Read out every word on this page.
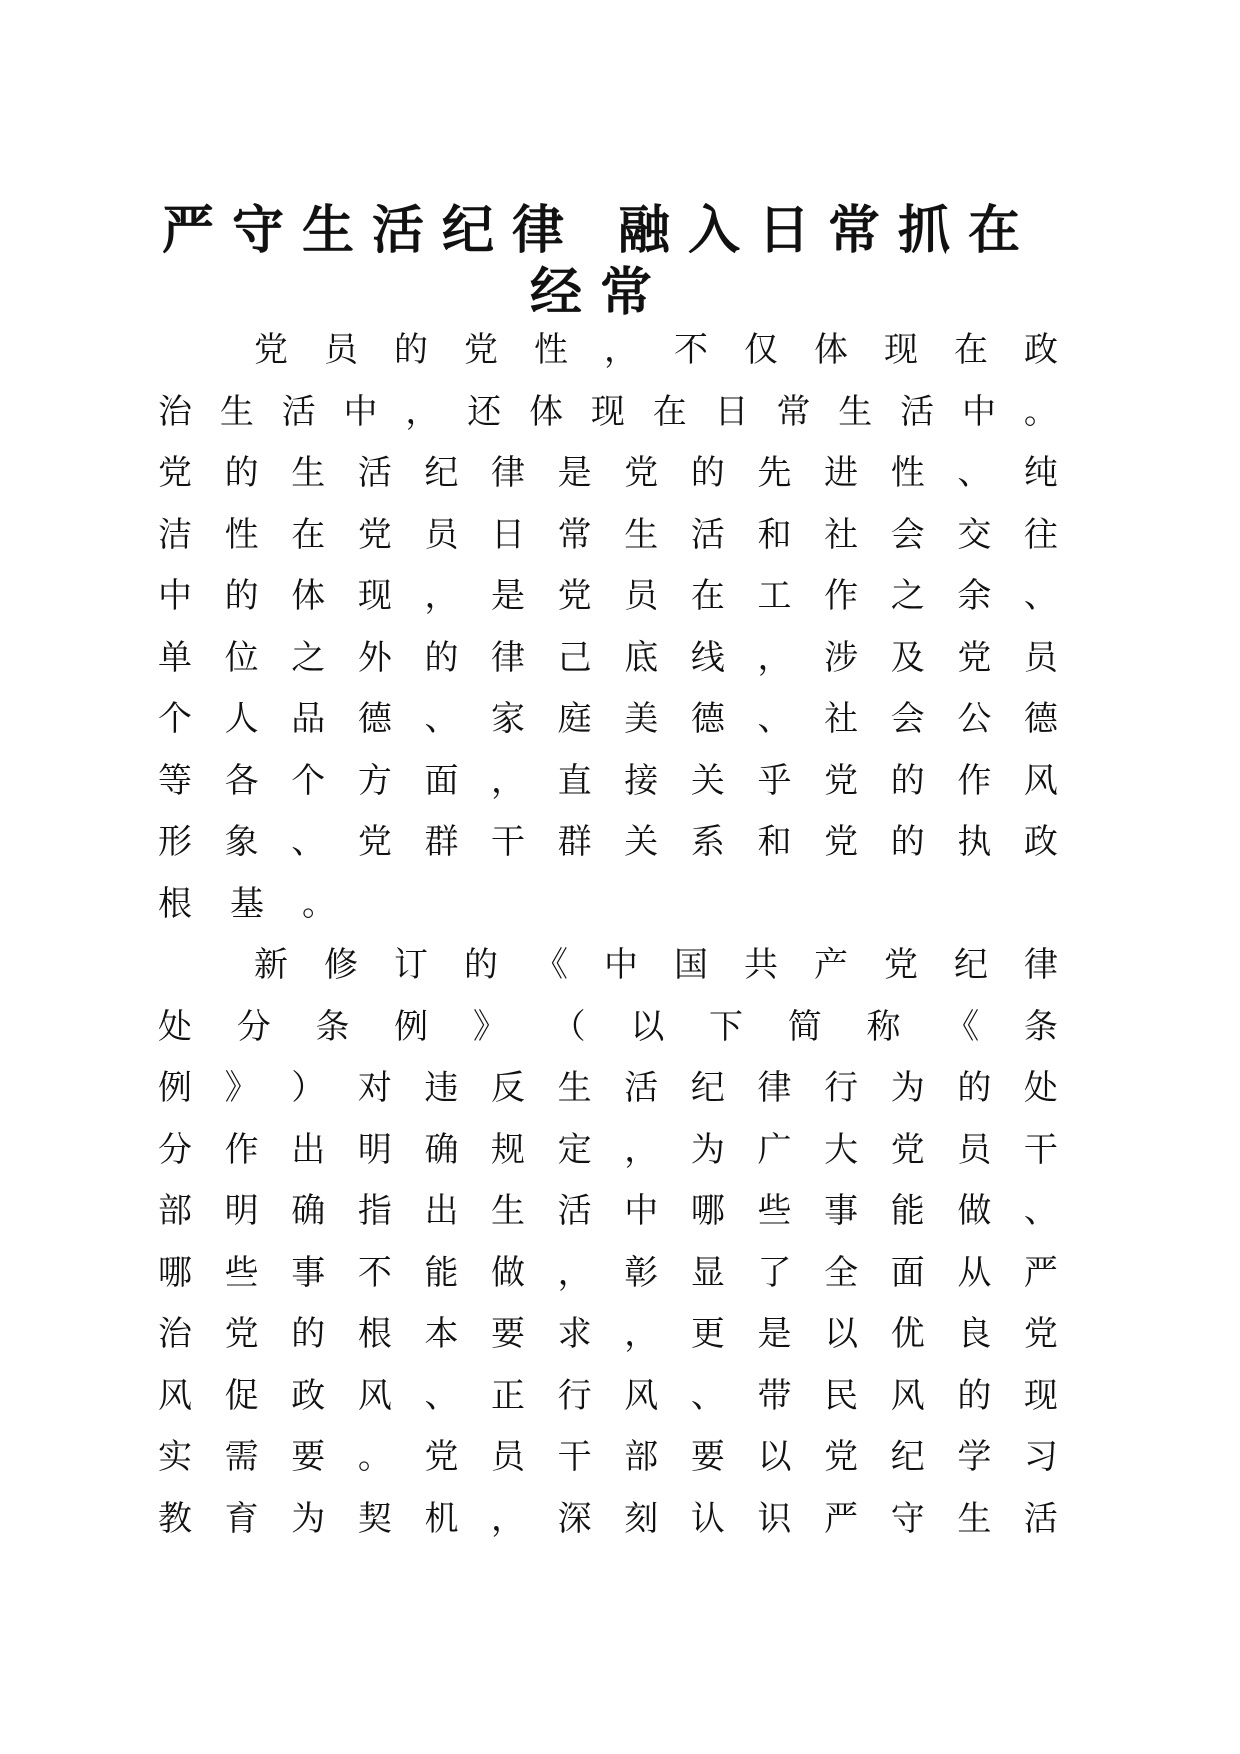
严守生活纪律 融入日常抓在经常
党 员 的 党 性 ， 不 仅 体 现 在 政
治 生 活 中 ， 还 体 现 在 日 常 生 活 中 。
党 的 生 活 纪 律 是 党 的 先 进 性 、 纯
洁 性 在 党 员 日 常 生 活 和 社 会 交 往
中 的 体 现 ， 是 党 员 在 工 作 之 余 、
单 位 之 外 的 律 己 底 线 ， 涉 及 党 员
个 人 品 德 、 家 庭 美 德 、 社 会 公 德
等 各 个 方 面 ， 直 接 关 乎 党 的 作 风
形 象 、 党 群 干 群 关 系 和 党 的 执 政
根 基 。
新 修 订 的 《 中 国 共 产 党 纪 律
处 分 条 例 》 （ 以 下 简 称 《 条
例 》 ） 对 违 反 生 活 纪 律 行 为 的 处
分 作 出 明 确 规 定 ， 为 广 大 党 员 干
部 明 确 指 出 生 活 中 哪 些 事 能 做 、
哪 些 事 不 能 做 ， 彰 显 了 全 面 从 严
治 党 的 根 本 要 求 ， 更 是 以 优 良 党
风 促 政 风 、 正 行 风 、 带 民 风 的 现
实 需 要 。 党 员 干 部 要 以 党 纪 学 习
教 育 为 契 机 ， 深 刻 认 识 严 守 生 活
